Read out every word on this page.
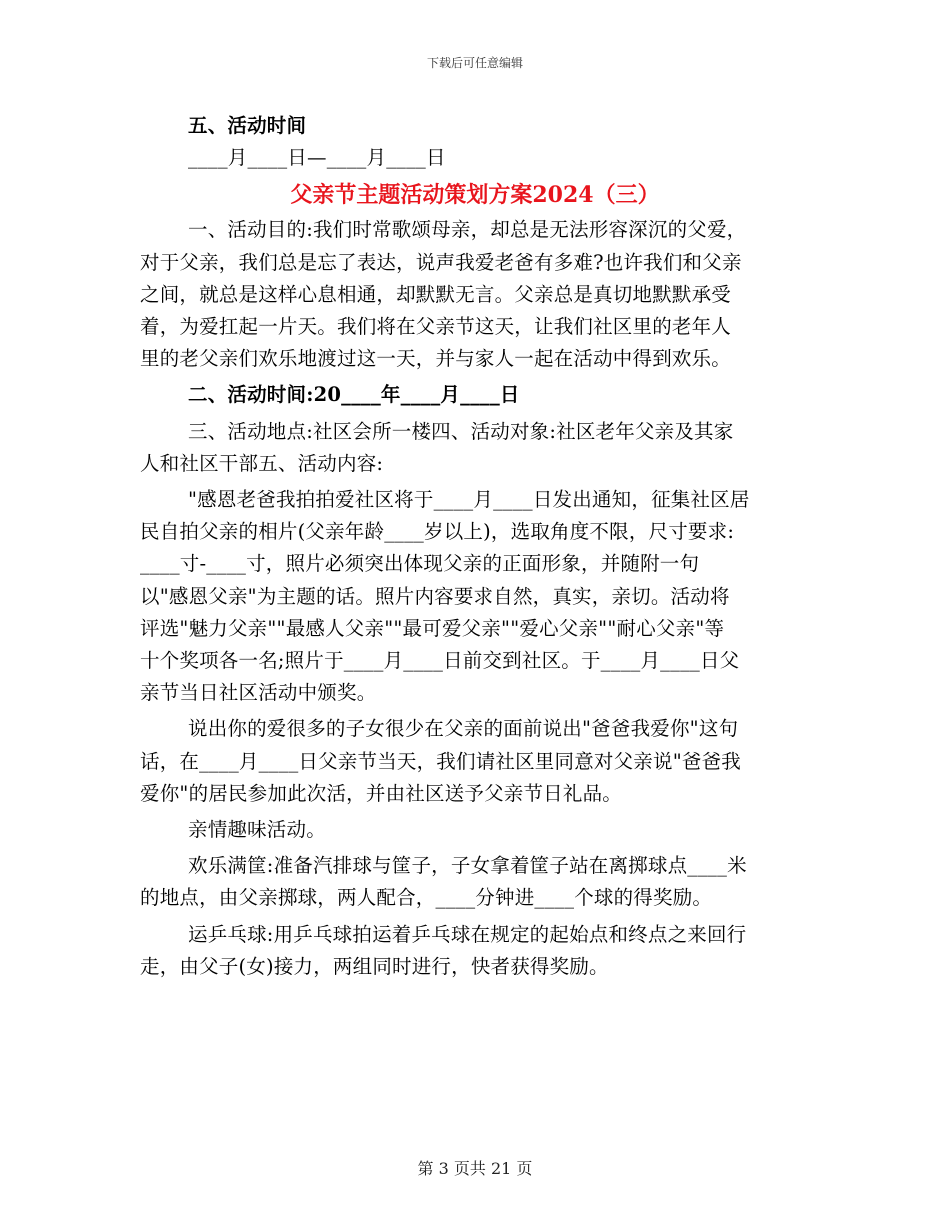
下载后可任意编辑
五、活动时间
____月____日—____月____日
父亲节主题活动策划方案2024（三）
一、活动目的:我们时常歌颂母亲，却总是无法形容深沉的父爱，
对于父亲，我们总是忘了表达，说声我爱老爸有多难?也许我们和父亲
之间，就总是这样心息相通，却默默无言。父亲总是真切地默默承受
着，为爱扛起一片天。我们将在父亲节这天，让我们社区里的老年人
里的老父亲们欢乐地渡过这一天，并与家人一起在活动中得到欢乐。
二、活动时间:20____年____月____日
三、活动地点:社区会所一楼四、活动对象:社区老年父亲及其家
人和社区干部五、活动内容:
"感恩老爸我拍拍爱社区将于____月____日发出通知，征集社区居
民自拍父亲的相片(父亲年龄____岁以上)，选取角度不限，尺寸要求:
____寸-____寸，照片必须突出体现父亲的正面形象，并随附一句
以"感恩父亲"为主题的话。照片内容要求自然，真实，亲切。活动将
评选"魅力父亲""最感人父亲""最可爱父亲""爱心父亲""耐心父亲"等
十个奖项各一名;照片于____月____日前交到社区。于____月____日父
亲节当日社区活动中颁奖。
说出你的爱很多的子女很少在父亲的面前说出"爸爸我爱你"这句
话，在____月____日父亲节当天，我们请社区里同意对父亲说"爸爸我
爱你"的居民参加此次活，并由社区送予父亲节日礼品。
亲情趣味活动。
欢乐满筐:准备汽排球与筐子，子女拿着筐子站在离掷球点____米
的地点，由父亲掷球，两人配合，____分钟进____个球的得奖励。
运乒乓球:用乒乓球拍运着乒乓球在规定的起始点和终点之来回行
走，由父子(女)接力，两组同时进行，快者获得奖励。
第 3 页共 21 页
